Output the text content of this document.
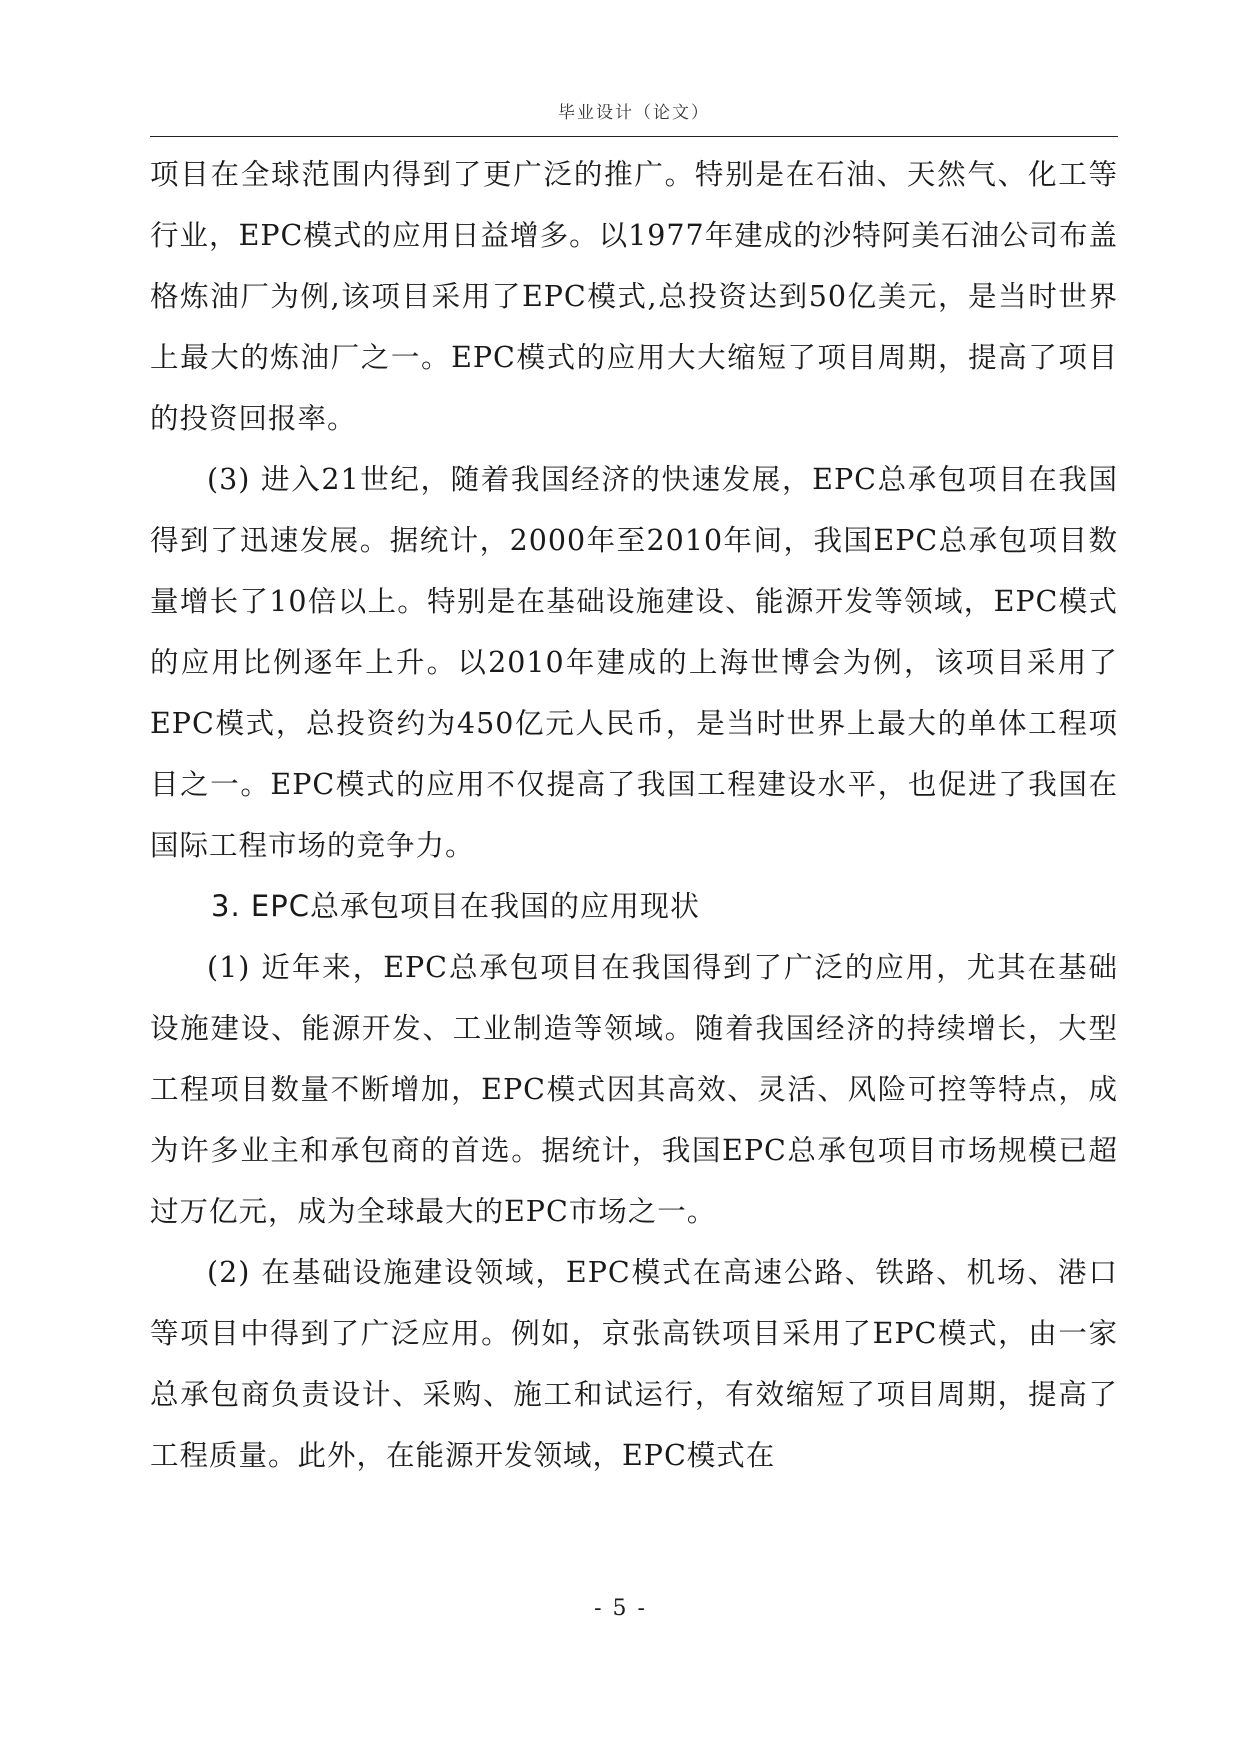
毕业设计（论文）

项目在全球范围内得到了更广泛的推广。特别是在石油、天然气、化工等行业，EPC模式的应用日益增多。以1977年建成的沙特阿美石油公司布盖格炼油厂为例,该项目采用了EPC模式,总投资达到50亿美元，是当时世界上最大的炼油厂之一。EPC模式的应用大大缩短了项目周期，提高了项目的投资回报率。

(3) 进入21世纪，随着我国经济的快速发展，EPC总承包项目在我国得到了迅速发展。据统计，2000年至2010年间，我国EPC总承包项目数量增长了10倍以上。特别是在基础设施建设、能源开发等领域，EPC模式的应用比例逐年上升。以2010年建成的上海世博会为例，该项目采用了EPC模式，总投资约为450亿元人民币，是当时世界上最大的单体工程项目之一。EPC模式的应用不仅提高了我国工程建设水平，也促进了我国在国际工程市场的竞争力。

3. EPC总承包项目在我国的应用现状

(1) 近年来，EPC总承包项目在我国得到了广泛的应用，尤其在基础设施建设、能源开发、工业制造等领域。随着我国经济的持续增长，大型工程项目数量不断增加，EPC模式因其高效、灵活、风险可控等特点，成为许多业主和承包商的首选。据统计，我国EPC总承包项目市场规模已超过万亿元，成为全球最大的EPC市场之一。

(2) 在基础设施建设领域，EPC模式在高速公路、铁路、机场、港口等项目中得到了广泛应用。例如，京张高铁项目采用了EPC模式，由一家总承包商负责设计、采购、施工和试运行，有效缩短了项目周期，提高了工程质量。此外，在能源开发领域，EPC模式在

- 5 -
